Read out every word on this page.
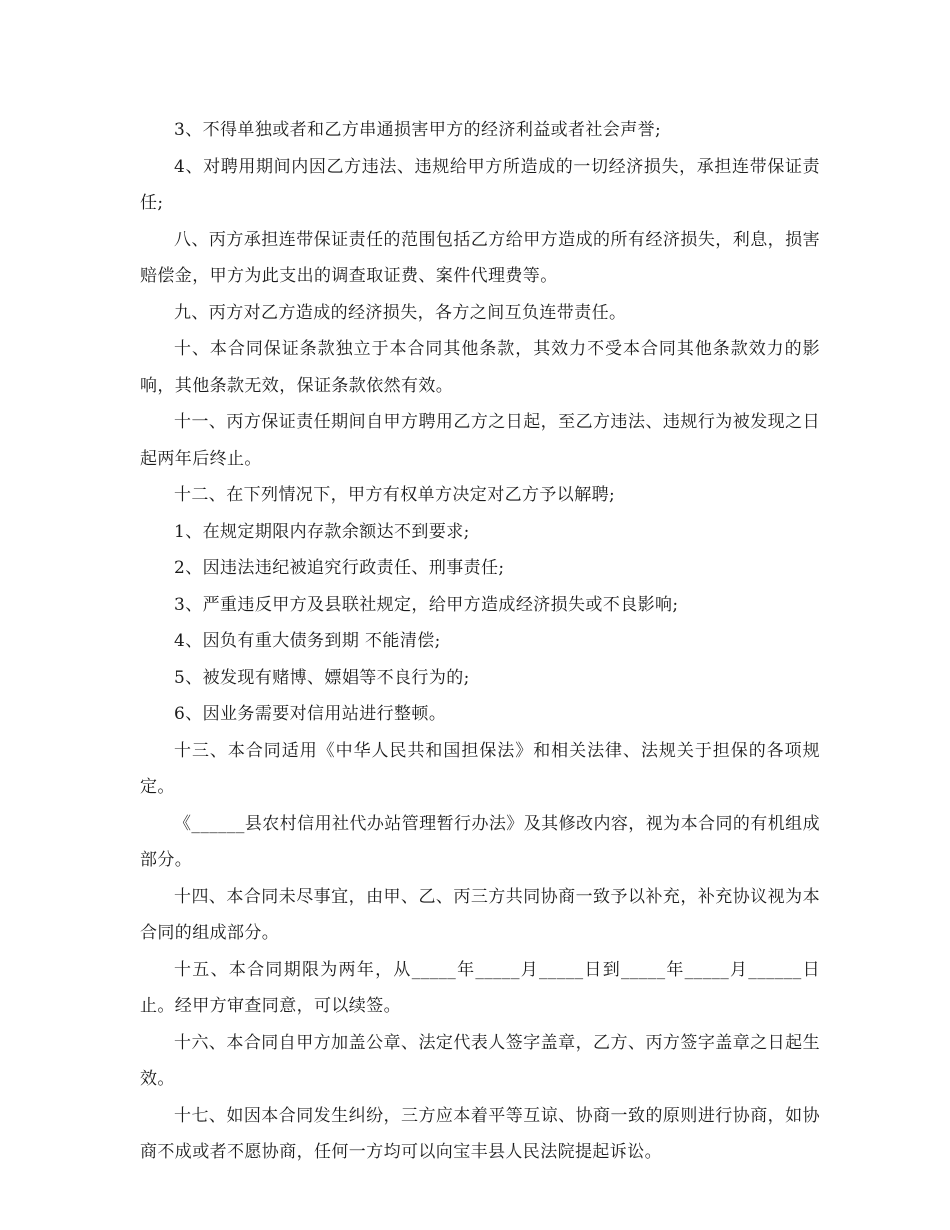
3、不得单独或者和乙方串通损害甲方的经济利益或者社会声誉;

4、对聘用期间内因乙方违法、违规给甲方所造成的一切经济损失，承担连带保证责任;

八、丙方承担连带保证责任的范围包括乙方给甲方造成的所有经济损失，利息，损害赔偿金，甲方为此支出的调查取证费、案件代理费等。

九、丙方对乙方造成的经济损失，各方之间互负连带责任。

十、本合同保证条款独立于本合同其他条款，其效力不受本合同其他条款效力的影响，其他条款无效，保证条款依然有效。

十一、丙方保证责任期间自甲方聘用乙方之日起，至乙方违法、违规行为被发现之日起两年后终止。

十二、在下列情况下，甲方有权单方决定对乙方予以解聘;

1、在规定期限内存款余额达不到要求;

2、因违法违纪被追究行政责任、刑事责任;

3、严重违反甲方及县联社规定，给甲方造成经济损失或不良影响;

4、因负有重大债务到期 不能清偿;

5、被发现有赌博、嫖娼等不良行为的;

6、因业务需要对信用站进行整顿。

十三、本合同适用《中华人民共和国担保法》和相关法律、法规关于担保的各项规定。

《______县农村信用社代办站管理暂行办法》及其修改内容，视为本合同的有机组成部分。

十四、本合同未尽事宜，由甲、乙、丙三方共同协商一致予以补充，补充协议视为本合同的组成部分。

十五、本合同期限为两年，从_____年_____月_____日到_____年_____月______日止。经甲方审查同意，可以续签。

十六、本合同自甲方加盖公章、法定代表人签字盖章，乙方、丙方签字盖章之日起生效。

十七、如因本合同发生纠纷，三方应本着平等互谅、协商一致的原则进行协商，如协商不成或者不愿协商，任何一方均可以向宝丰县人民法院提起诉讼。
